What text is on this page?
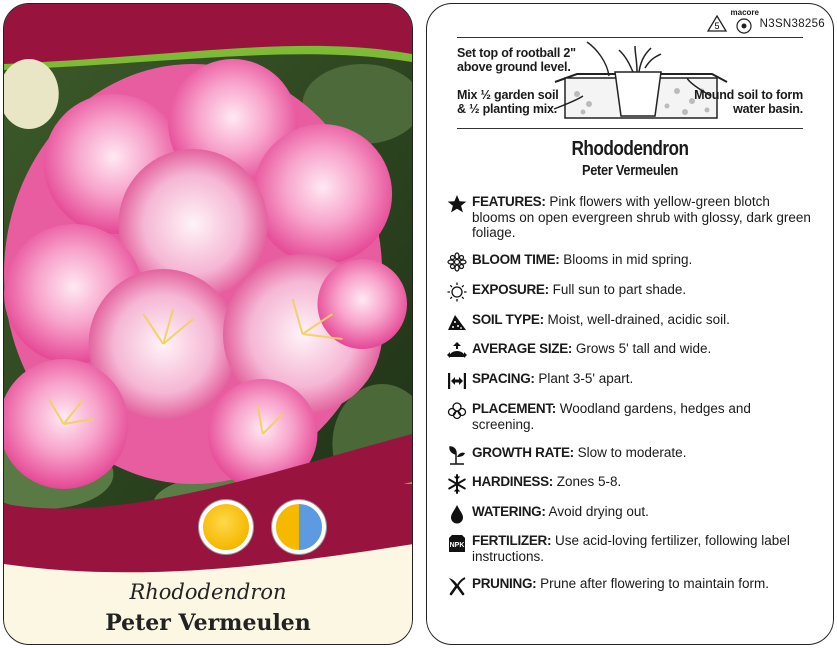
Rhododendron
Peter Vermeulen
5
macore
N3SN38256
Set top of rootball 2"
above ground level.
Mix ½ garden soil
& ½ planting mix.
Mound soil to form
water basin.
Rhododendron
Peter Vermeulen
FEATURES: Pink flowers with yellow-green blotch blooms on open evergreen shrub with glossy, dark green foliage.
BLOOM TIME: Blooms in mid spring.
EXPOSURE: Full sun to part shade.
SOIL TYPE: Moist, well-drained, acidic soil.
AVERAGE SIZE: Grows 5' tall and wide.
SPACING: Plant 3-5' apart.
PLACEMENT: Woodland gardens, hedges and screening.
GROWTH RATE: Slow to moderate.
HARDINESS: Zones 5-8.
WATERING: Avoid drying out.
NPK FERTILIZER: Use acid-loving fertilizer, following label instructions.
PRUNING: Prune after flowering to maintain form.
